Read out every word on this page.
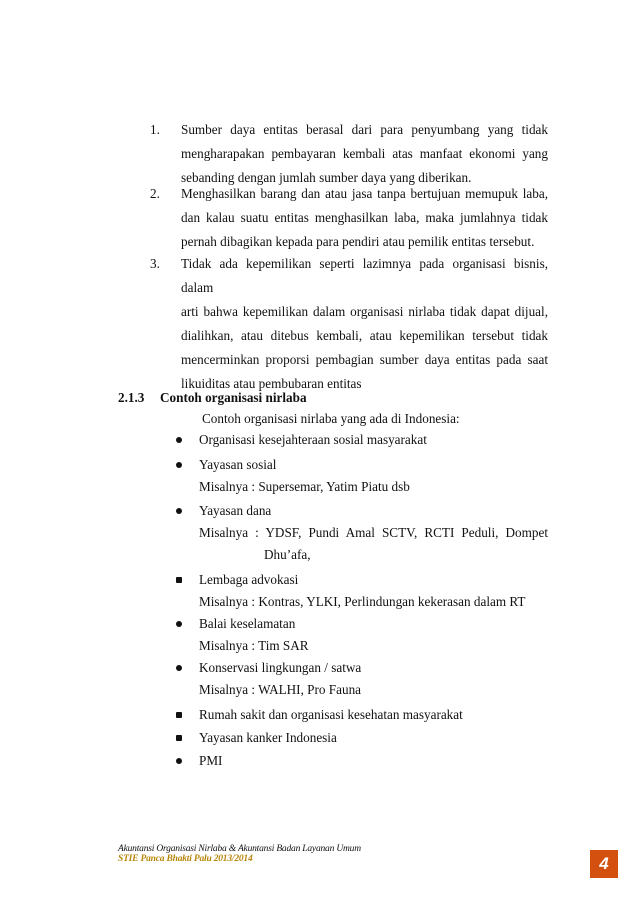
1.	Sumber daya entitas berasal dari para penyumbang yang tidak
mengharapakan pembayaran kembali atas manfaat ekonomi yang
sebanding dengan jumlah sumber daya yang diberikan.
2.	Menghasilkan barang dan atau jasa tanpa bertujuan memupuk laba,
dan kalau suatu entitas menghasilkan laba, maka jumlahnya tidak
pernah dibagikan kepada para pendiri atau pemilik entitas tersebut.
3.	Tidak ada kepemilikan seperti lazimnya pada organisasi bisnis, dalam
arti bahwa kepemilikan dalam organisasi nirlaba tidak dapat dijual,
dialihkan, atau ditebus kembali, atau kepemilikan tersebut tidak
mencerminkan proporsi pembagian sumber daya entitas pada saat
likuiditas atau pembubaran entitas
2.1.3 Contoh organisasi nirlaba
Contoh organisasi nirlaba yang ada di Indonesia:
Organisasi kesejahteraan sosial masyarakat
Yayasan sosial
Misalnya : Supersemar, Yatim Piatu dsb
Yayasan dana
Misalnya : YDSF, Pundi Amal SCTV, RCTI Peduli, Dompet
Dhu’afa,
Lembaga advokasi
Misalnya : Kontras, YLKI, Perlindungan kekerasan dalam RT
Balai keselamatan
Misalnya : Tim SAR
Konservasi lingkungan / satwa
Misalnya : WALHI, Pro Fauna
Rumah sakit dan organisasi kesehatan masyarakat
Yayasan kanker Indonesia
PMI
Akuntansi Organisasi Nirlaba & Akuntansi Badan Layanan Umum
STIE Panca Bhakti Palu 2013/2014	4
